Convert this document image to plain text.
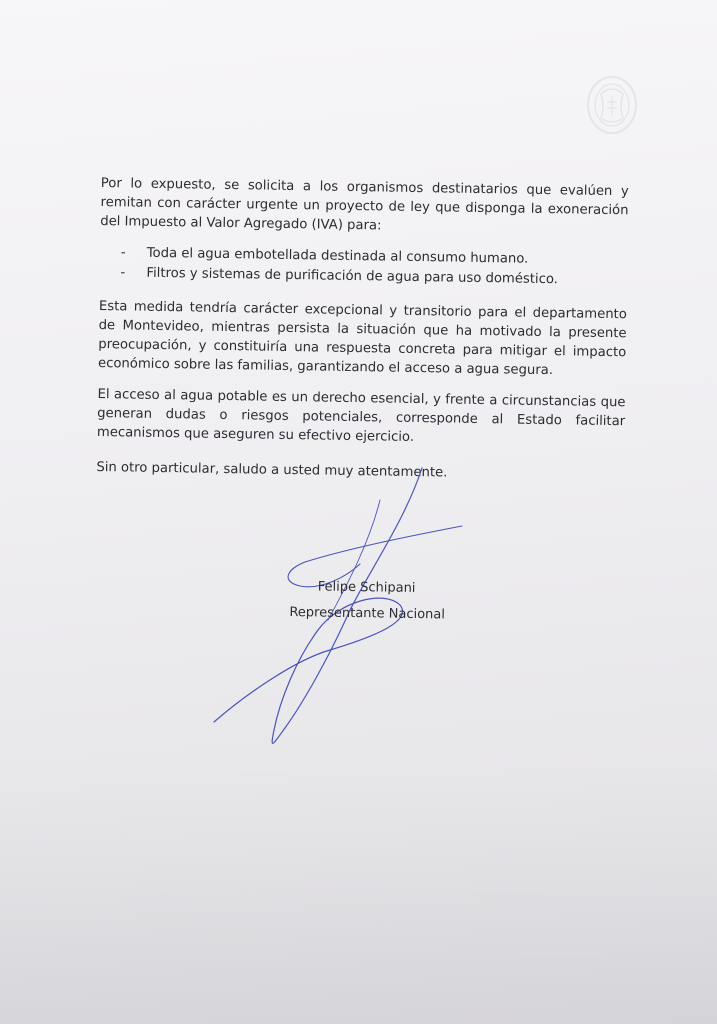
Por lo expuesto, se solicita a los organismos destinatarios que evalúen y remitan con carácter urgente un proyecto de ley que disponga la exoneración del Impuesto al Valor Agregado (IVA) para:

- Toda el agua embotellada destinada al consumo humano.
- Filtros y sistemas de purificación de agua para uso doméstico.

Esta medida tendría carácter excepcional y transitorio para el departamento de Montevideo, mientras persista la situación que ha motivado la presente preocupación, y constituiría una respuesta concreta para mitigar el impacto económico sobre las familias, garantizando el acceso a agua segura.

El acceso al agua potable es un derecho esencial, y frente a circunstancias que generan dudas o riesgos potenciales, corresponde al Estado facilitar mecanismos que aseguren su efectivo ejercicio.

Sin otro particular, saludo a usted muy atentamente.

Felipe Schipani
Representante Nacional
